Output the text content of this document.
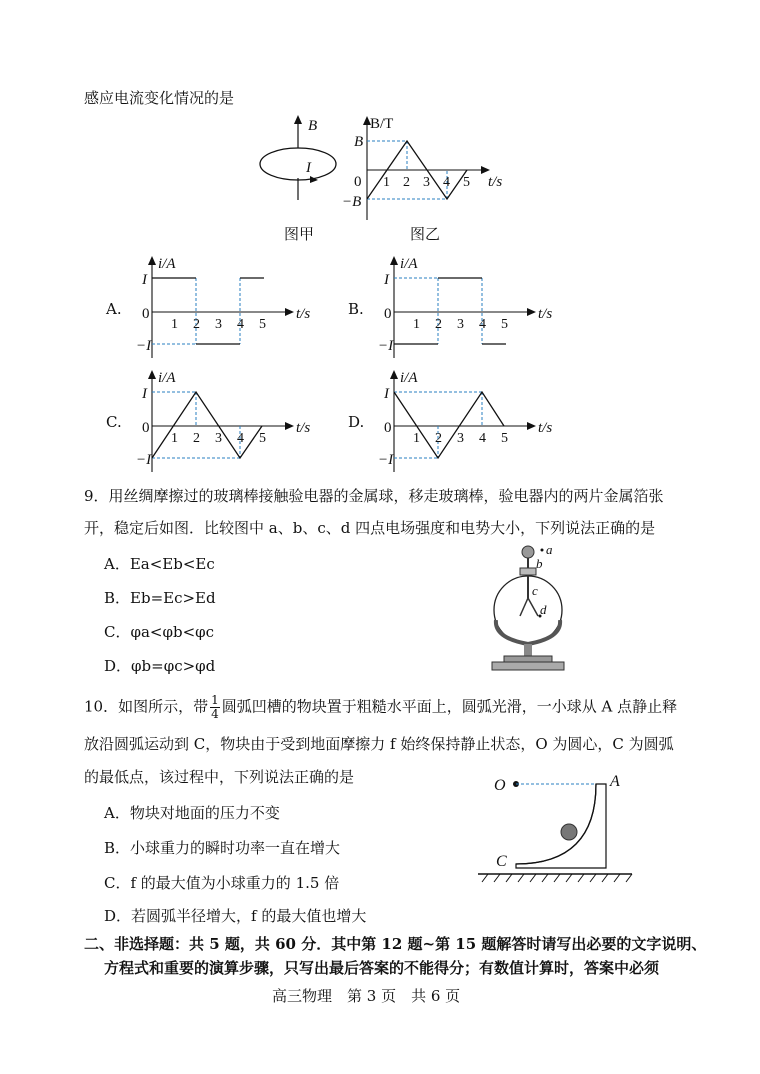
感应电流变化情况的是
B
I
图甲
B/T
B
0
−B
1 2 3 4 5 t/s
图乙
A.
i/A
I
0
−I
1 2 3 4 5
t/s	B.
i/A
I
0
−I
1 2 3 4 5
t/s
C.
i/A
I
0
−I
1 2 3 4 5
t/s	D.
i/A
I
0
−I
1 2 3 4 5
t/s
9．用丝绸摩擦过的玻璃棒接触验电器的金属球，移走玻璃棒，验电器内的两片金属箔张
开，稳定后如图．比较图中 a、b、c、d 四点电场强度和电势大小，下列说法正确的是
A．Ea<Eb<Ec
B．Eb=Ec>Ed
C．φa<φb<φc
D．φb=φc>φd
a
b
c
d
10．如图所示，带 $\frac{1}{4}$ 圆弧凹槽的物块置于粗糙水平面上，圆弧光滑，一小球从 A 点静止释
放沿圆弧运动到 C，物块由于受到地面摩擦力 f 始终保持静止状态，O 为圆心，C 为圆弧
的最低点，该过程中，下列说法正确的是
A．物块对地面的压力不变
B．小球重力的瞬时功率一直在增大
C．f 的最大值为小球重力的 1.5 倍
D．若圆弧半径增大，f 的最大值也增大
O	A
C
二、非选择题：共 5 题，共 60 分．其中第 12 题~第 15 题解答时请写出必要的文字说明、
方程式和重要的演算步骤，只写出最后答案的不能得分；有数值计算时，答案中必须
高三物理　第 3 页　共 6 页
